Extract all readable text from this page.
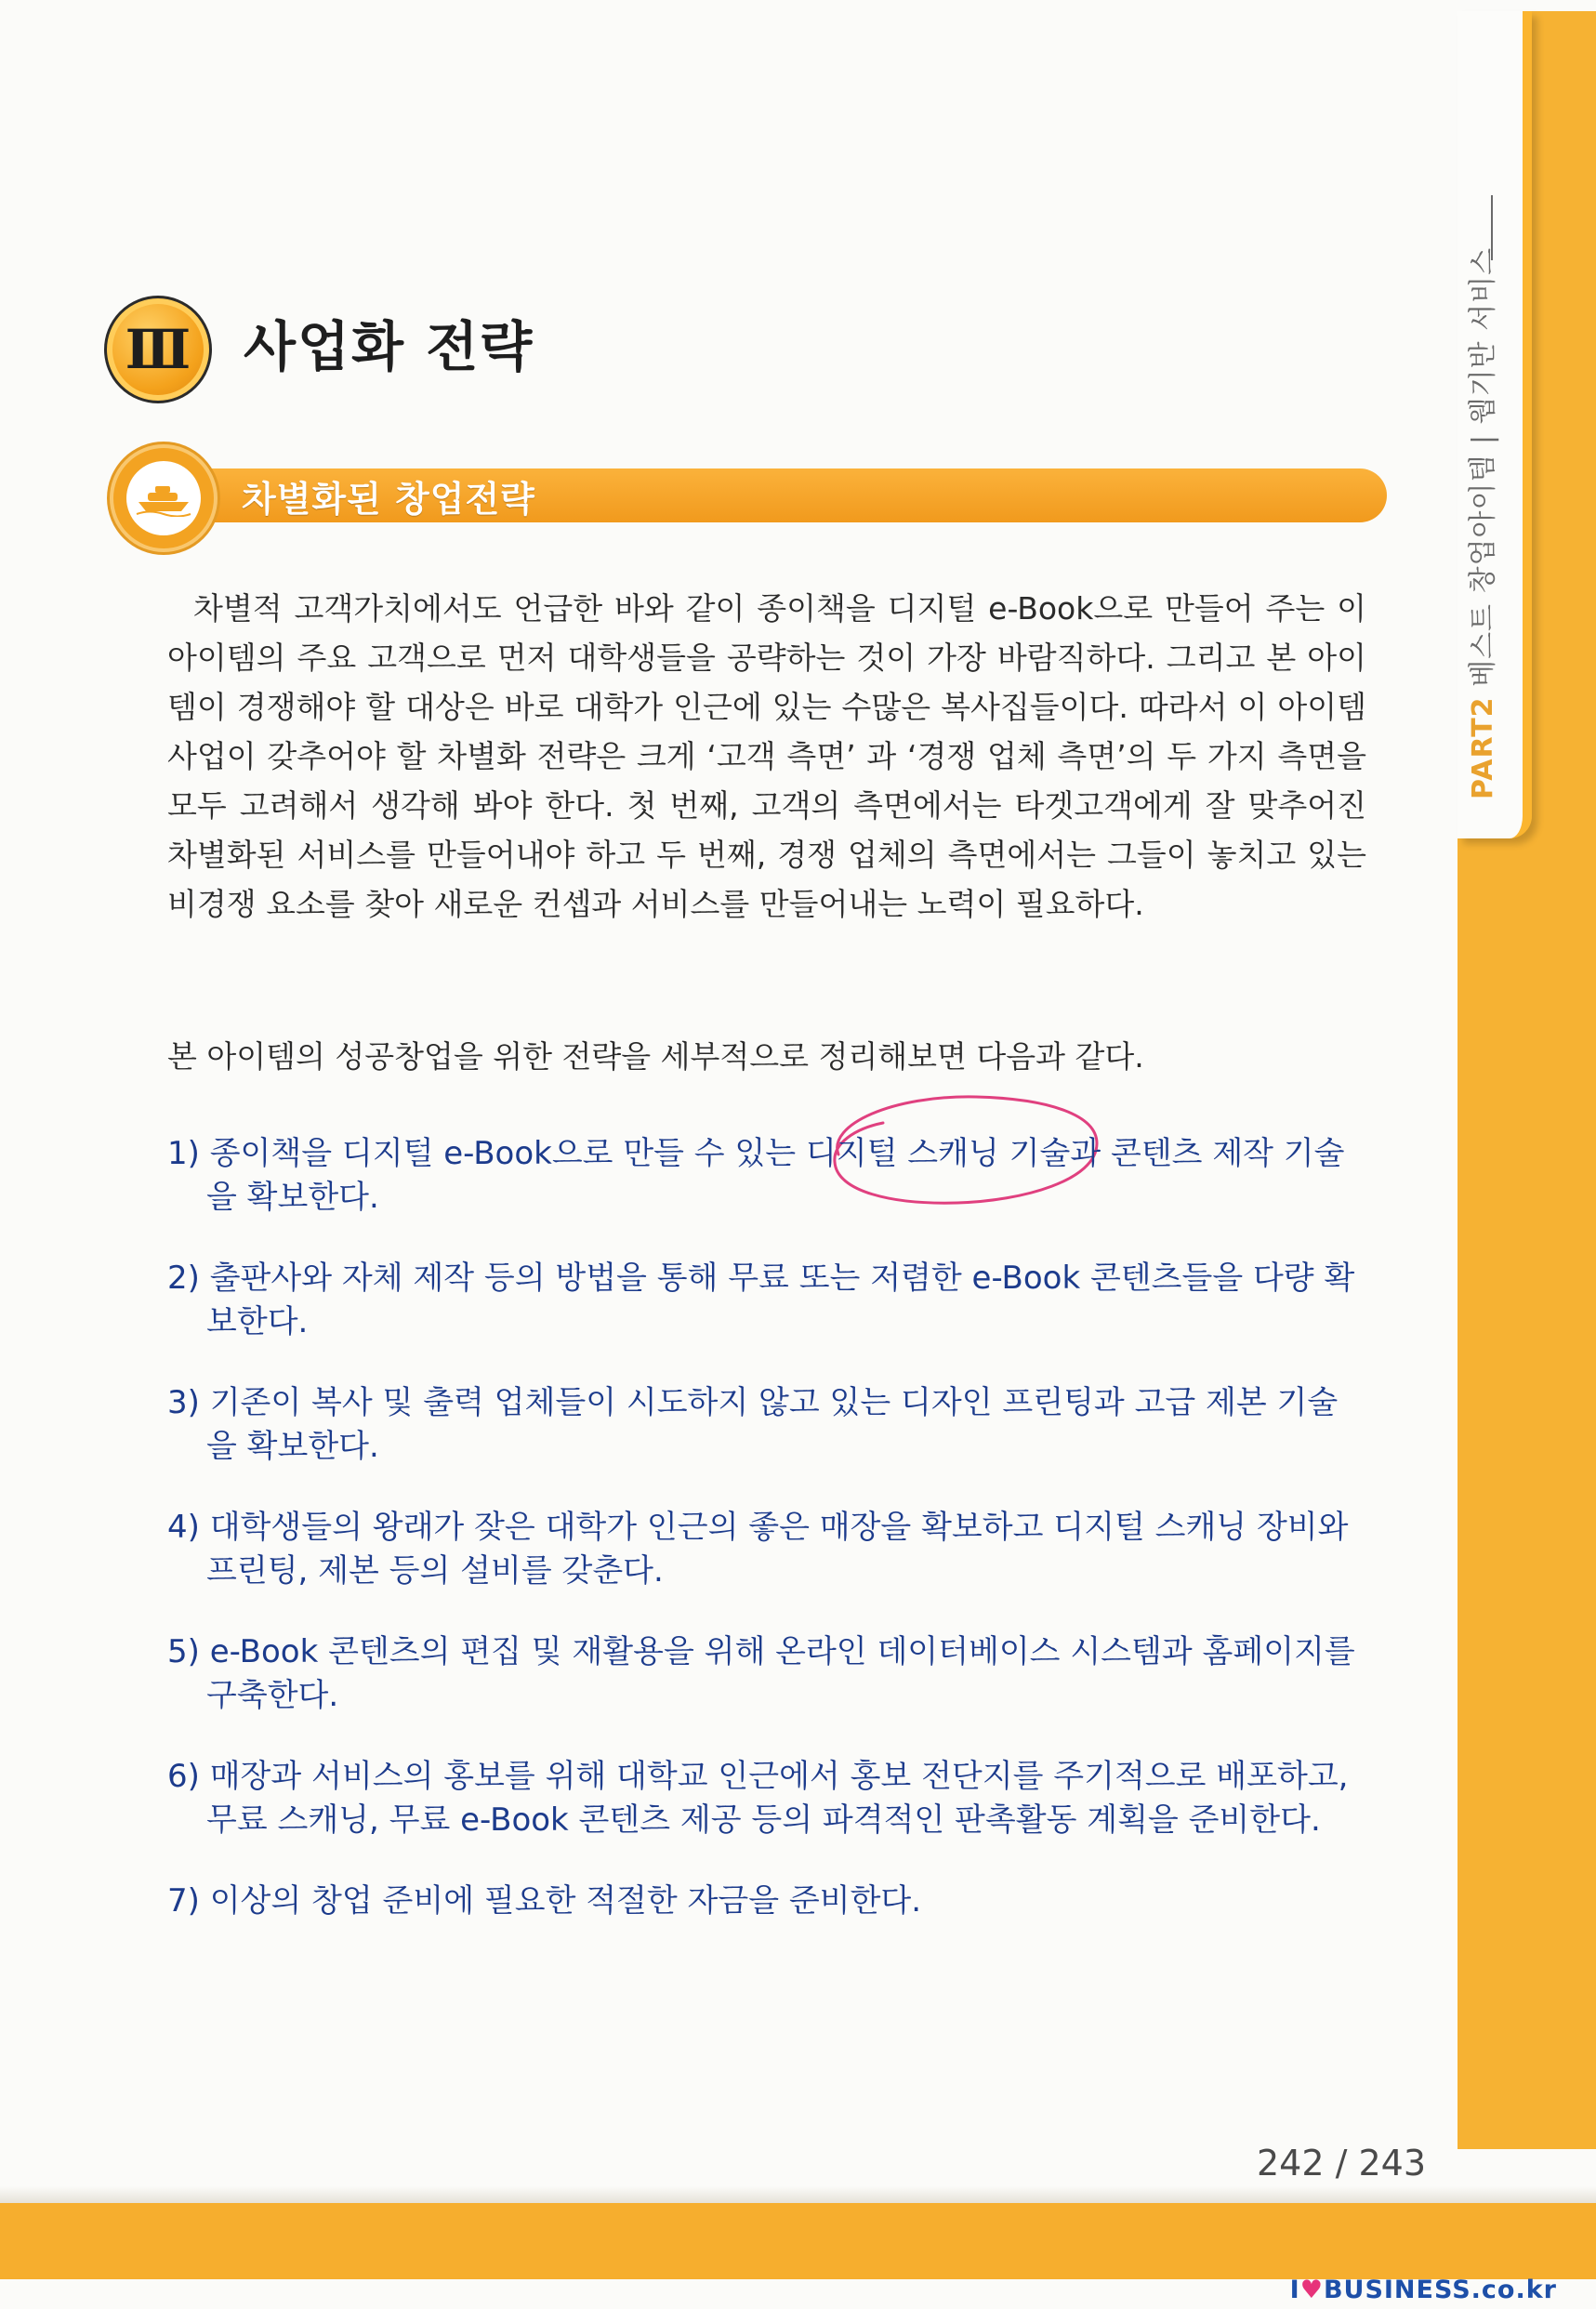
PART2 베스트 창업아이템 | 웹기반 서비스
Ⅲ 사업화 전략
차별화된 창업전략

차별적 고객가치에서도 언급한 바와 같이 종이책을 디지털 e-Book으로 만들어 주는 이 아이템의 주요 고객으로 먼저 대학생들을 공략하는 것이 가장 바람직하다. 그리고 본 아이템이 경쟁해야 할 대상은 바로 대학가 인근에 있는 수많은 복사집들이다. 따라서 이 아이템 사업이 갖추어야 할 차별화 전략은 크게 ‘고객 측면’ 과 ‘경쟁 업체 측면’의 두 가지 측면을 모두 고려해서 생각해 봐야 한다. 첫 번째, 고객의 측면에서는 타겟고객에게 잘 맞추어진 차별화된 서비스를 만들어내야 하고 두 번째, 경쟁 업체의 측면에서는 그들이 놓치고 있는 비경쟁 요소를 찾아 새로운 컨셉과 서비스를 만들어내는 노력이 필요하다.

본 아이템의 성공창업을 위한 전략을 세부적으로 정리해보면 다음과 같다.

1) 종이책을 디지털 e-Book으로 만들 수 있는 디지털 스캐닝 기술과 콘텐츠 제작 기술을 확보한다.
2) 출판사와 자체 제작 등의 방법을 통해 무료 또는 저렴한 e-Book 콘텐츠들을 다량 확보한다.
3) 기존이 복사 및 출력 업체들이 시도하지 않고 있는 디자인 프린팅과 고급 제본 기술을 확보한다.
4) 대학생들의 왕래가 잦은 대학가 인근의 좋은 매장을 확보하고 디지털 스캐닝 장비와 프린팅, 제본 등의 설비를 갖춘다.
5) e-Book 콘텐츠의 편집 및 재활용을 위해 온라인 데이터베이스 시스템과 홈페이지를 구축한다.
6) 매장과 서비스의 홍보를 위해 대학교 인근에서 홍보 전단지를 주기적으로 배포하고, 무료 스캐닝, 무료 e-Book 콘텐츠 제공 등의 파격적인 판촉활동 계획을 준비한다.
7) 이상의 창업 준비에 필요한 적절한 자금을 준비한다.
242 / 243
I♥BUSINESS.co.kr
